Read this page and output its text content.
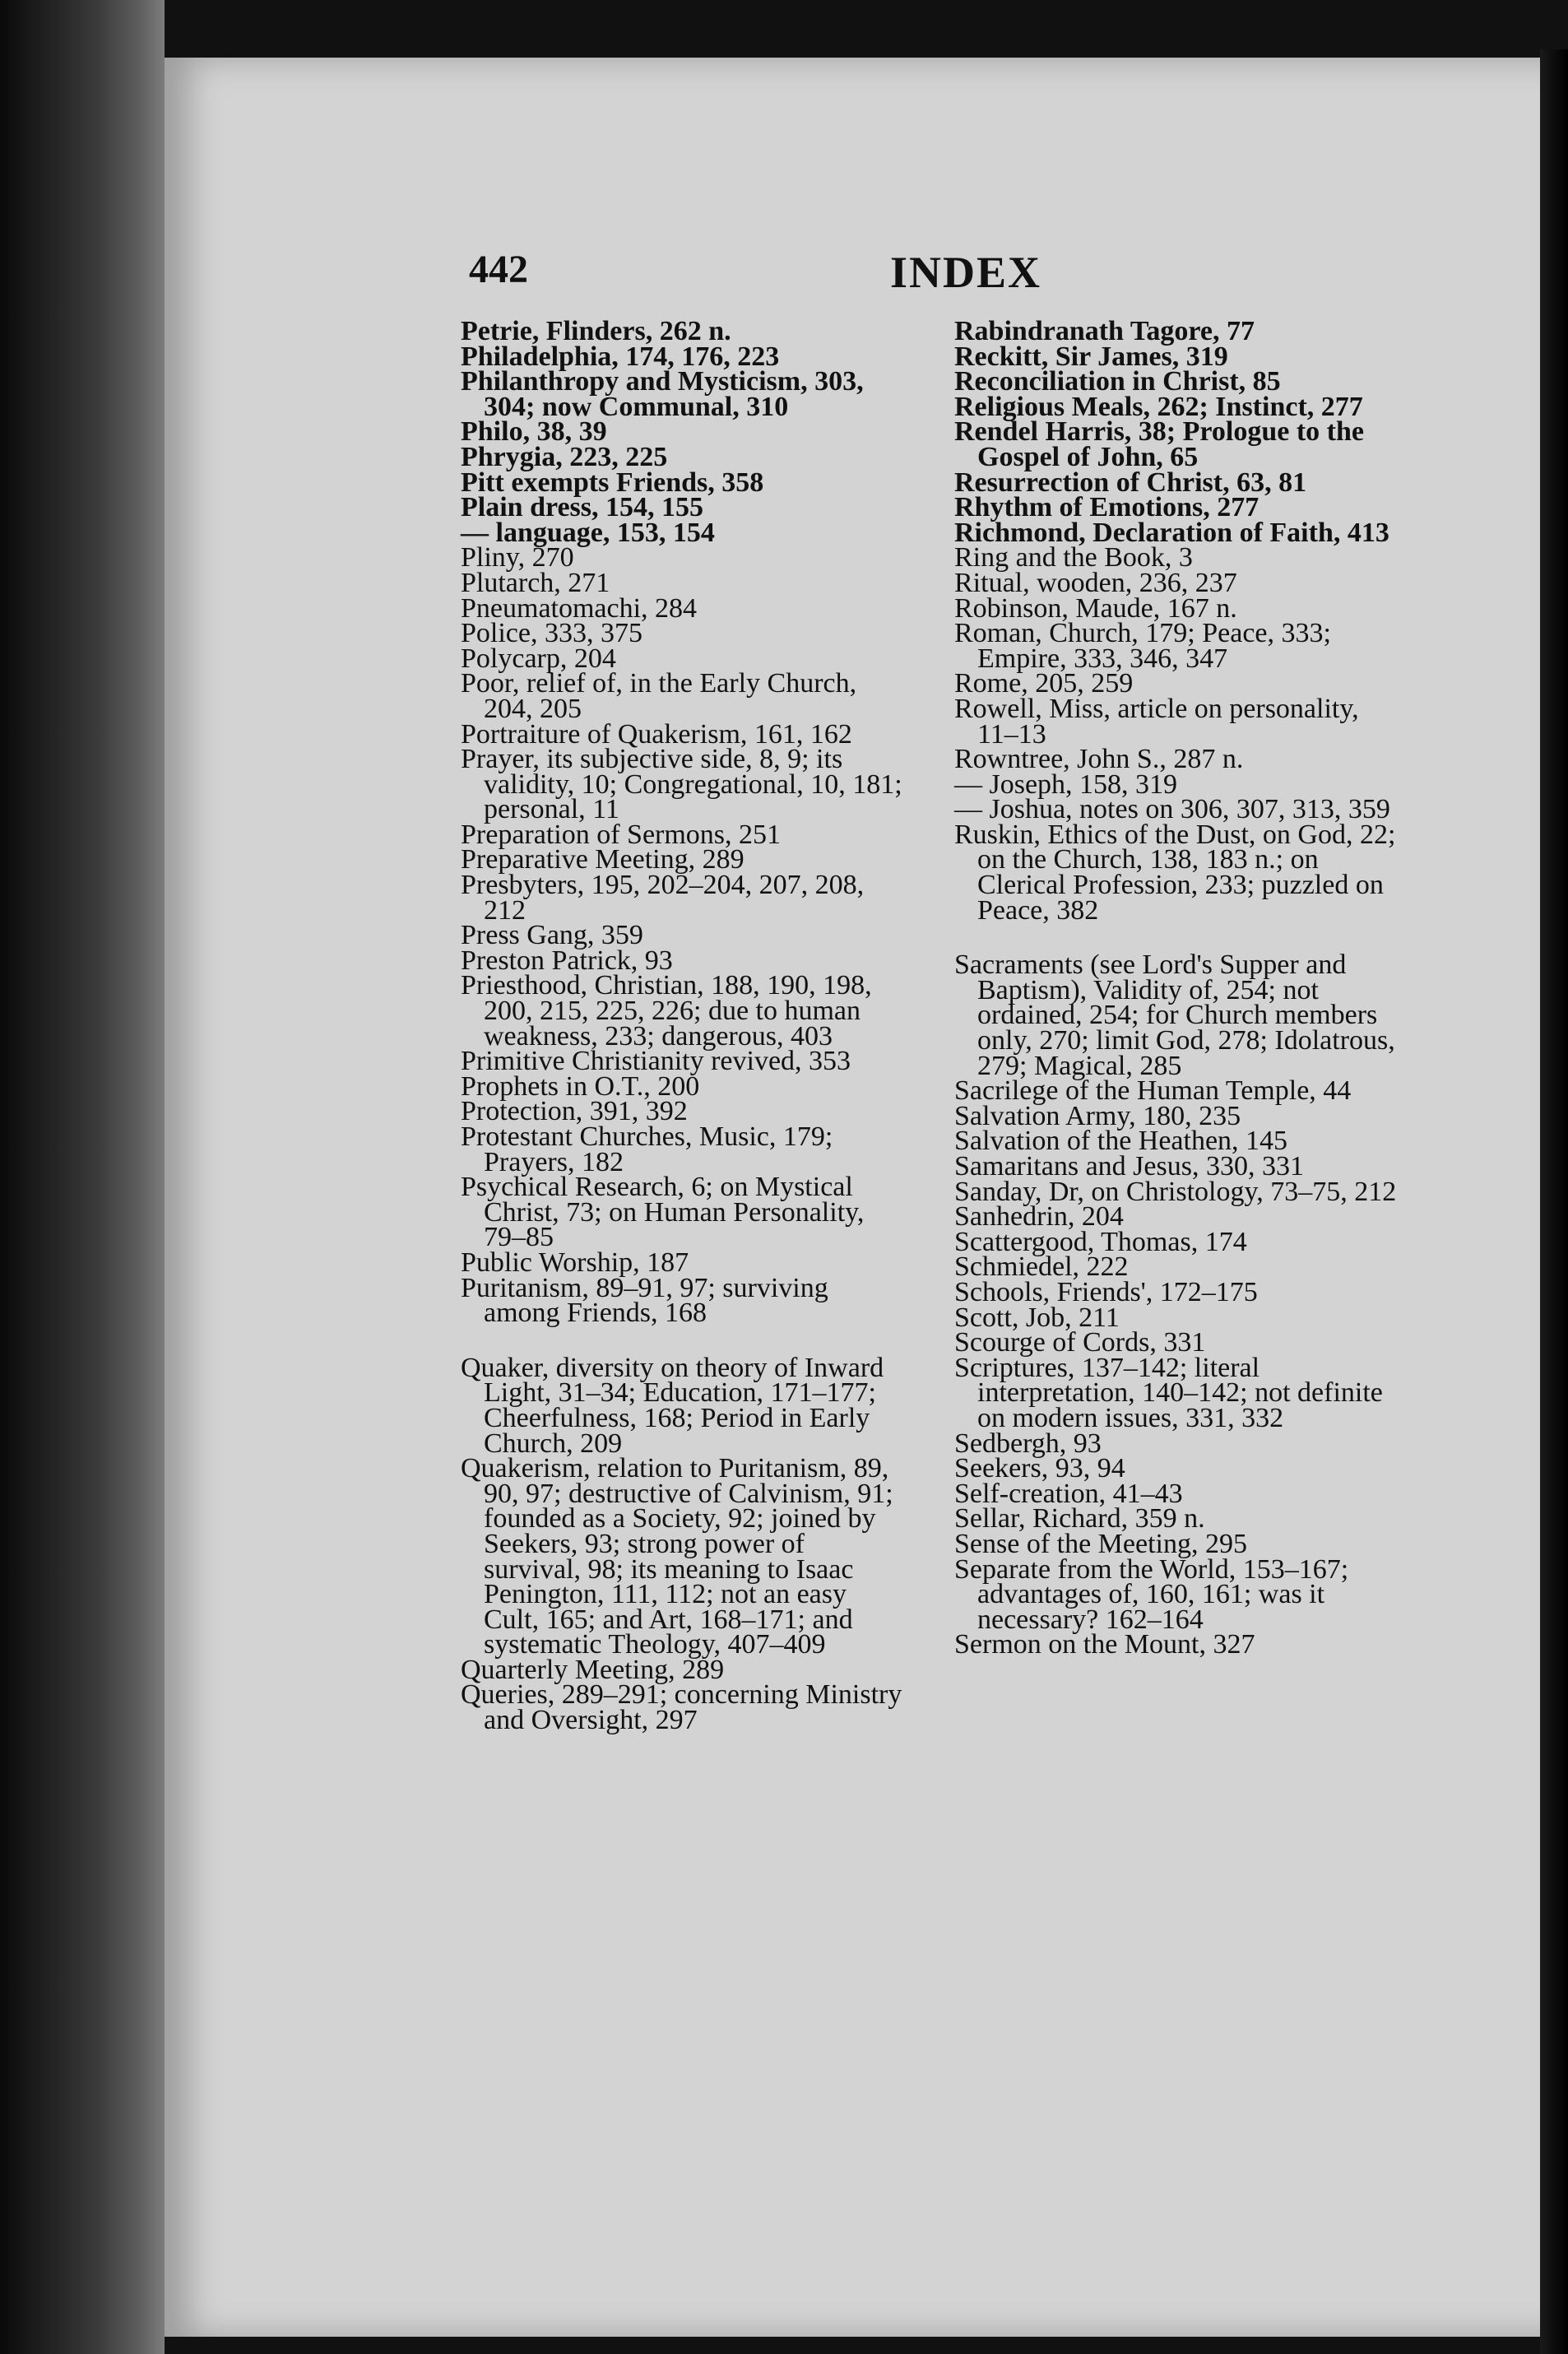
442	INDEX

Petrie, Flinders, 262 n.

Philadelphia, 174, 176, 223

Philanthropy and Mysticism, 303, 304; now Communal, 310

Philo, 38, 39

Phrygia, 223, 225

Pitt exempts Friends, 358

Plain dress, 154, 155

— language, 153, 154

Pliny, 270

Plutarch, 271

Pneumatomachi, 284

Police, 333, 375

Polycarp, 204

Poor, relief of, in the Early Church, 204, 205

Portraiture of Quakerism, 161, 162

Prayer, its subjective side, 8, 9; its validity, 10; Congregational, 10, 181; personal, 11

Preparation of Sermons, 251

Preparative Meeting, 289

Presbyters, 195, 202–204, 207, 208, 212

Press Gang, 359

Preston Patrick, 93

Priesthood, Christian, 188, 190, 198, 200, 215, 225, 226; due to human weakness, 233; dangerous, 403

Primitive Christianity revived, 353

Prophets in O.T., 200

Protection, 391, 392

Protestant Churches, Music, 179; Prayers, 182

Psychical Research, 6; on Mystical Christ, 73; on Human Personality, 79–85

Public Worship, 187

Puritanism, 89–91, 97; surviving among Friends, 168

Quaker, diversity on theory of Inward Light, 31–34; Education, 171–177; Cheerfulness, 168; Period in Early Church, 209

Quakerism, relation to Puritanism, 89, 90, 97; destructive of Calvinism, 91; founded as a Society, 92; joined by Seekers, 93; strong power of survival, 98; its meaning to Isaac Penington, 111, 112; not an easy Cult, 165; and Art, 168–171; and systematic Theology, 407–409

Quarterly Meeting, 289

Queries, 289–291; concerning Ministry and Oversight, 297

Rabindranath Tagore, 77

Reckitt, Sir James, 319

Reconciliation in Christ, 85

Religious Meals, 262; Instinct, 277

Rendel Harris, 38; Prologue to the Gospel of John, 65

Resurrection of Christ, 63, 81

Rhythm of Emotions, 277

Richmond, Declaration of Faith, 413

Ring and the Book, 3

Ritual, wooden, 236, 237

Robinson, Maude, 167 n.

Roman, Church, 179; Peace, 333; Empire, 333, 346, 347

Rome, 205, 259

Rowell, Miss, article on personality, 11–13

Rowntree, John S., 287 n.

— Joseph, 158, 319

— Joshua, notes on 306, 307, 313, 359

Ruskin, Ethics of the Dust, on God, 22; on the Church, 138, 183 n.; on Clerical Profession, 233; puzzled on Peace, 382

Sacraments (see Lord's Supper and Baptism), Validity of, 254; not ordained, 254; for Church members only, 270; limit God, 278; Idolatrous, 279; Magical, 285

Sacrilege of the Human Temple, 44

Salvation Army, 180, 235

Salvation of the Heathen, 145

Samaritans and Jesus, 330, 331

Sanday, Dr, on Christology, 73–75, 212

Sanhedrin, 204

Scattergood, Thomas, 174

Schmiedel, 222

Schools, Friends', 172–175

Scott, Job, 211

Scourge of Cords, 331

Scriptures, 137–142; literal interpretation, 140–142; not definite on modern issues, 331, 332

Sedbergh, 93

Seekers, 93, 94

Self-creation, 41–43

Sellar, Richard, 359 n.

Sense of the Meeting, 295

Separate from the World, 153–167; advantages of, 160, 161; was it necessary? 162–164

Sermon on the Mount, 327
